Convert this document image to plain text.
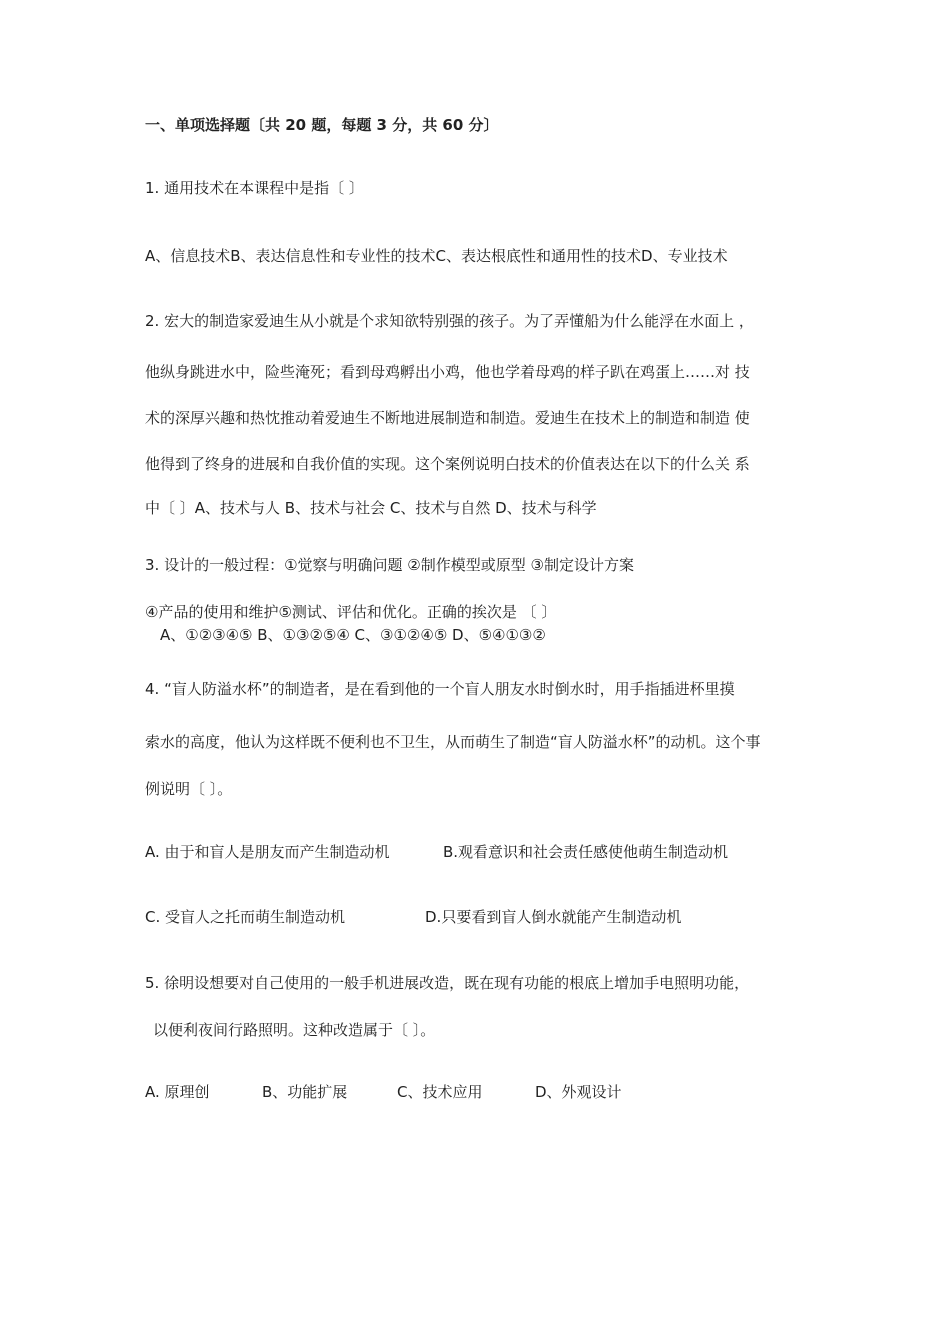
一、单项选择题〔共 20 题，每题 3 分，共 60 分〕
1. 通用技术在本课程中是指〔 〕
A、信息技术B、表达信息性和专业性的技术C、表达根底性和通用性的技术D、专业技术
2. 宏大的制造家爱迪生从小就是个求知欲特别强的孩子。为了弄懂船为什么能浮在水面上 ，
他纵身跳进水中，险些淹死；看到母鸡孵出小鸡，他也学着母鸡的样子趴在鸡蛋上……对 技
术的深厚兴趣和热忱推动着爱迪生不断地进展制造和制造。爱迪生在技术上的制造和制造 使
他得到了终身的进展和自我价值的实现。这个案例说明白技术的价值表达在以下的什么关 系
中〔 〕A、技术与人 B、技术与社会 C、技术与自然 D、技术与科学
3. 设计的一般过程：①觉察与明确问题 ②制作模型或原型 ③制定设计方案
④产品的使用和维护⑤测试、评估和优化。正确的挨次是 〔 〕
A、①②③④⑤ B、①③②⑤④ C、③①②④⑤ D、⑤④①③②
4. “盲人防溢水杯”的制造者，是在看到他的一个盲人朋友水时倒水时，用手指插进杯里摸
索水的高度，他认为这样既不便利也不卫生，从而萌生了制造“盲人防溢水杯”的动机。这个事
例说明〔 〕。
A. 由于和盲人是朋友而产生制造动机	B.观看意识和社会责任感使他萌生制造动机
C. 受盲人之托而萌生制造动机	D.只要看到盲人倒水就能产生制造动机
5. 徐明设想要对自己使用的一般手机进展改造，既在现有功能的根底上增加手电照明功能，
以便利夜间行路照明。这种改造属于〔 〕。
A. 原理创	B、功能扩展	C、技术应用	D、外观设计
